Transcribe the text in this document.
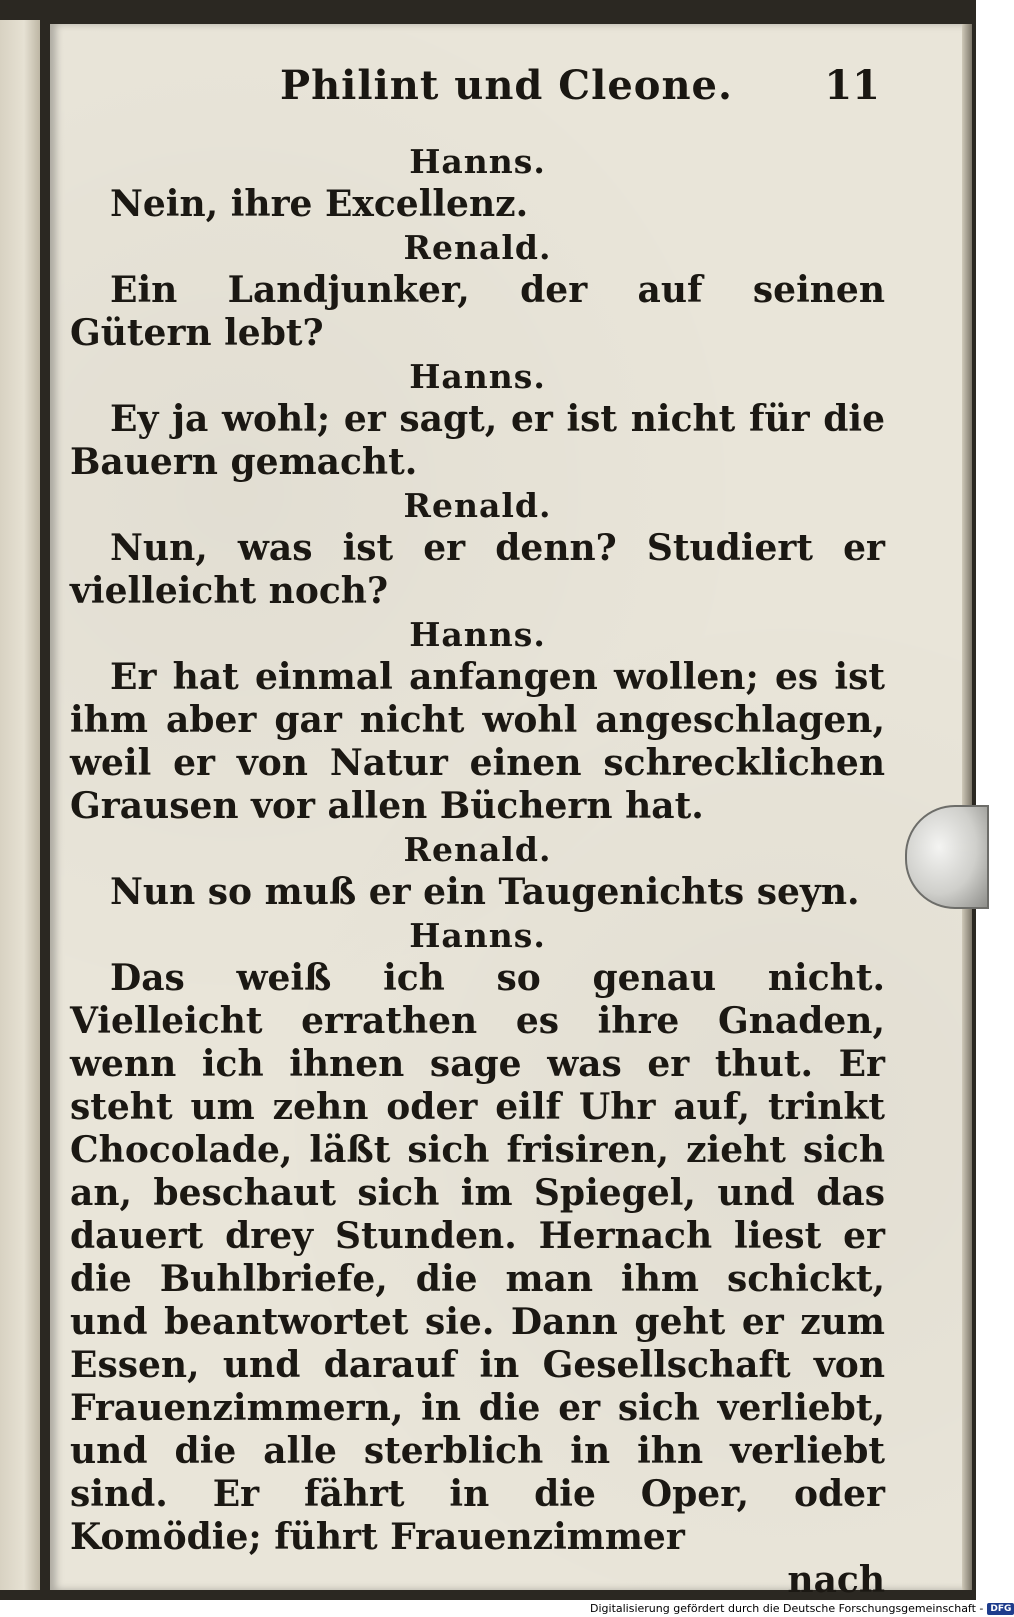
Philint und Cleone. 11
Hanns.

Nein, ihre Excellenz.

Renald.

Ein Landjunker, der auf seinen Gütern lebt?

Hanns.

Ey ja wohl; er sagt, er ist nicht für die Bauern gemacht.

Renald.

Nun, was ist er denn? Studiert er vielleicht noch?

Hanns.

Er hat einmal anfangen wollen; es ist ihm aber gar nicht wohl angeschlagen, weil er von Natur einen schrecklichen Grausen vor allen Büchern hat.

Renald.

Nun so muß er ein Taugenichts seyn.

Hanns.

Das weiß ich so genau nicht. Vielleicht errathen es ihre Gnaden, wenn ich ihnen sage was er thut. Er steht um zehn oder eilf Uhr auf, trinkt Chocolade, läßt sich frisiren, zieht sich an, beschaut sich im Spiegel, und das dauert drey Stunden. Hernach liest er die Buhlbriefe, die man ihm schickt, und beantwortet sie. Dann geht er zum Essen, und darauf in Gesellschaft von Frauenzimmern, in die er sich verliebt, und die alle sterblich in ihn verliebt sind. Er fährt in die Oper, oder Komödie; führt Frauenzimmer

nach
Digitalisierung gefördert durch die Deutsche Forschungsgemeinschaft - DFG
